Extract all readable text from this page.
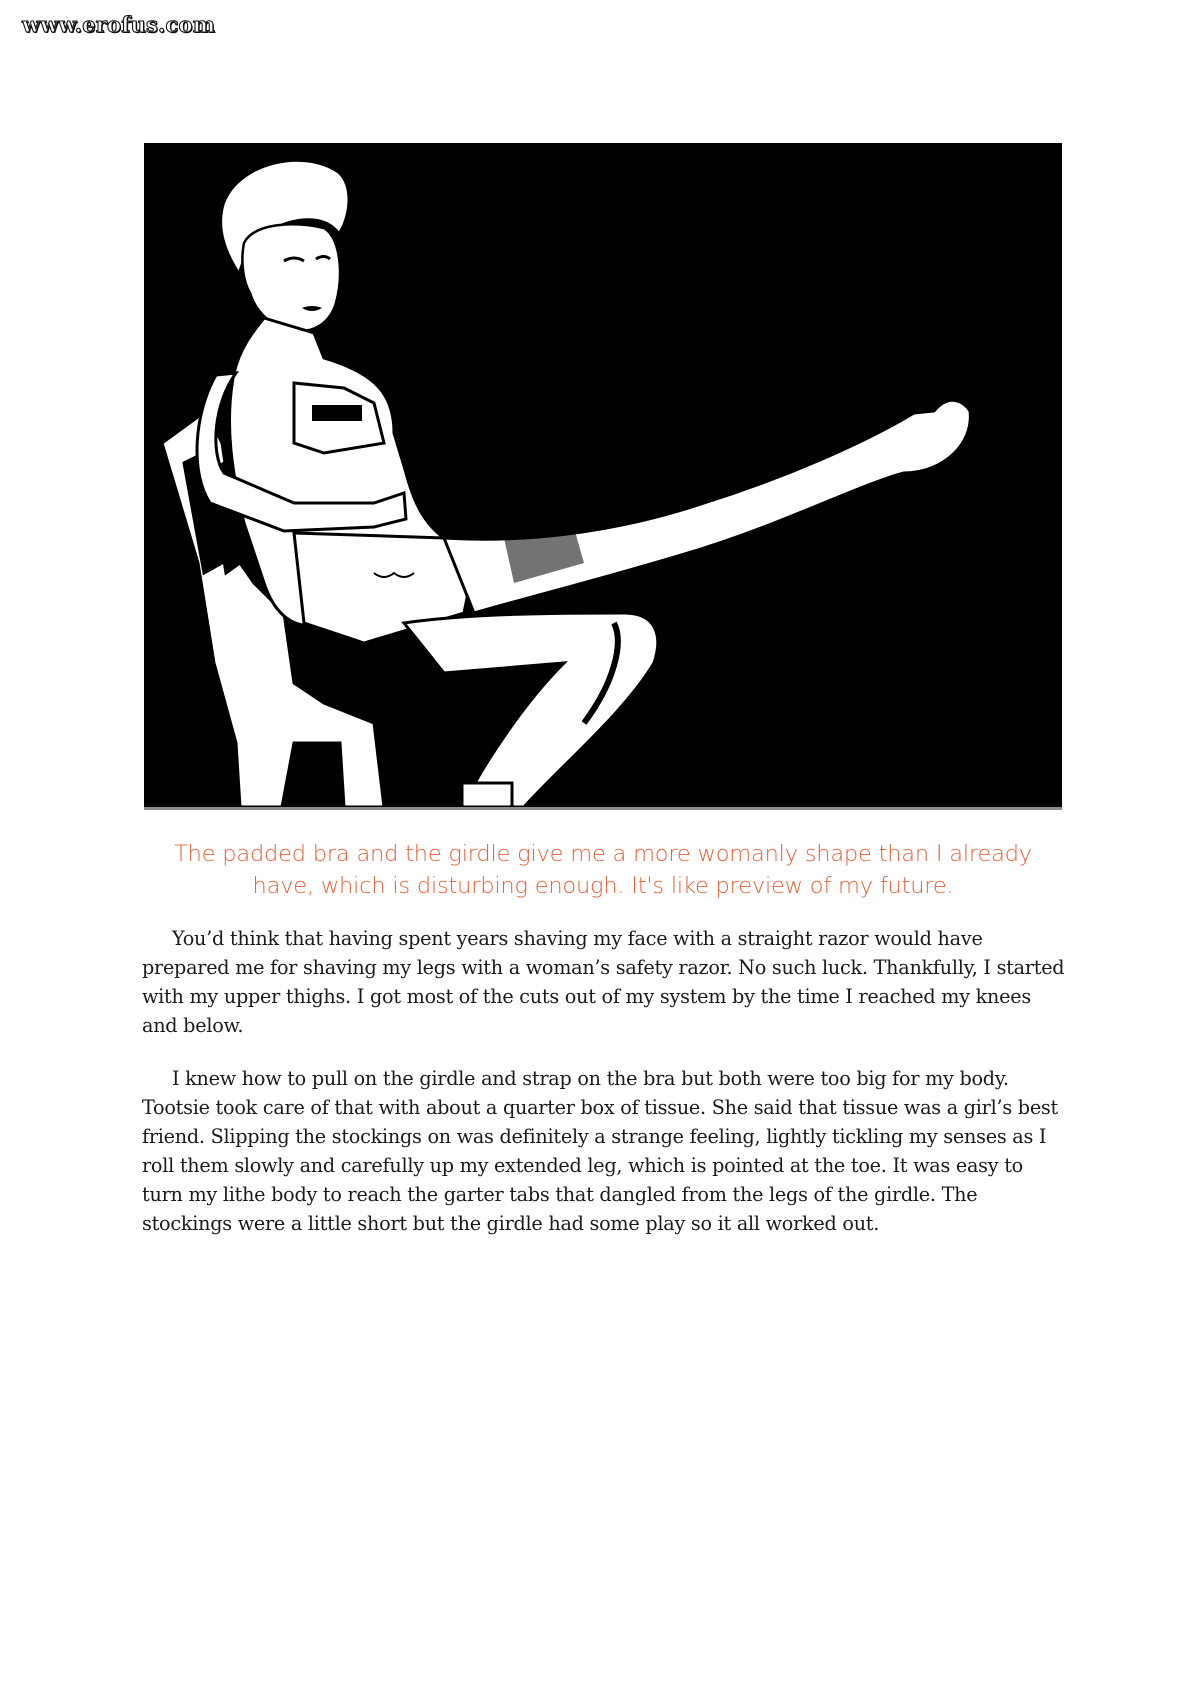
www.erofus.com
The padded bra and the girdle give me a more womanly shape than I already have, which is disturbing enough. It's like preview of my future.

You’d think that having spent years shaving my face with a straight razor would have prepared me for shaving my legs with a woman’s safety razor. No such luck. Thankfully, I started with my upper thighs. I got most of the cuts out of my system by the time I reached my knees and below.

I knew how to pull on the girdle and strap on the bra but both were too big for my body. Tootsie took care of that with about a quarter box of tissue. She said that tissue was a girl’s best friend. Slipping the stockings on was definitely a strange feeling, lightly tickling my senses as I roll them slowly and carefully up my extended leg, which is pointed at the toe. It was easy to turn my lithe body to reach the garter tabs that dangled from the legs of the girdle. The stockings were a little short but the girdle had some play so it all worked out.
